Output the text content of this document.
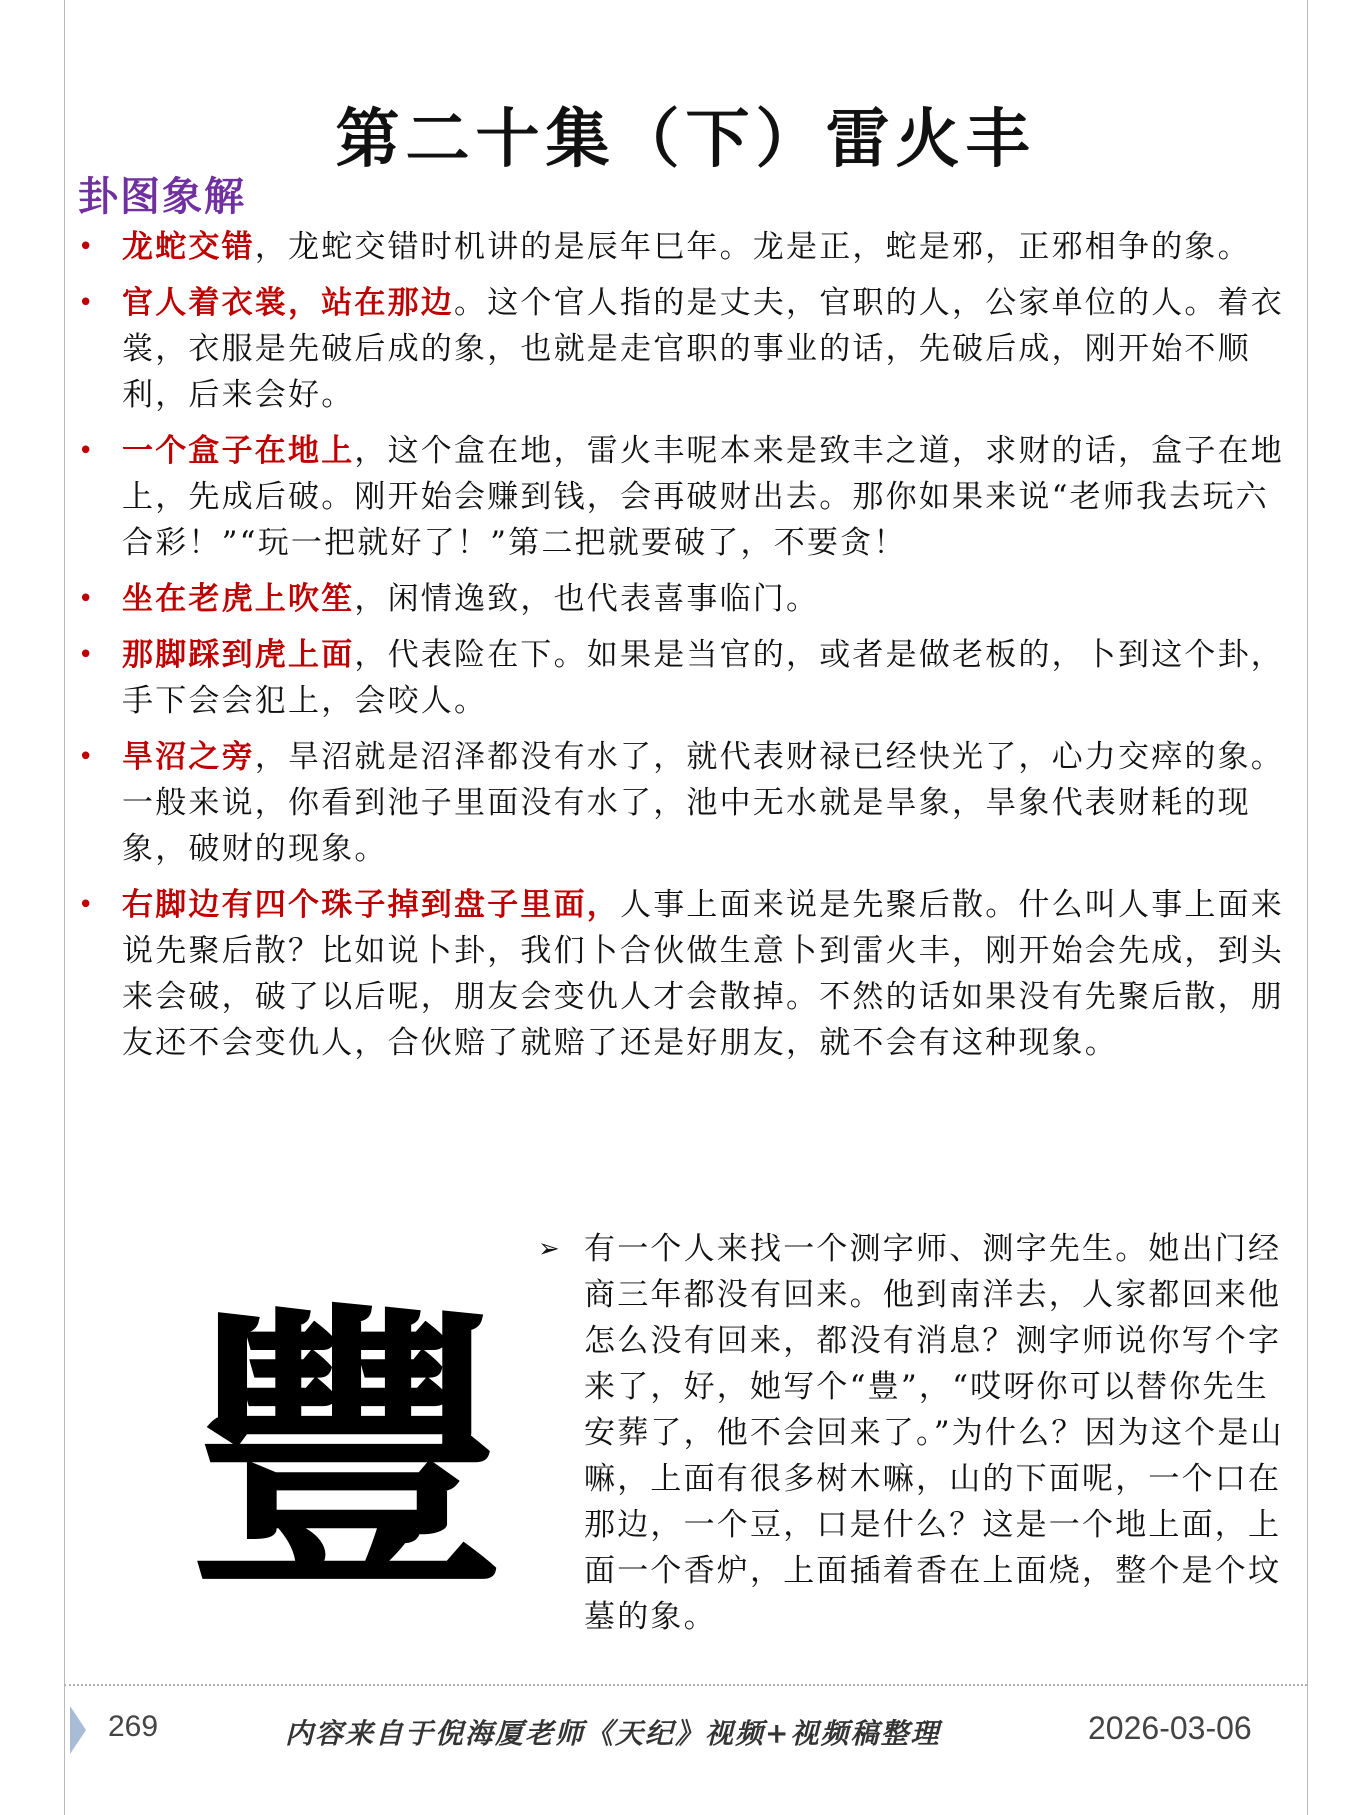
第二十集（下）雷火丰
卦图象解
• 龙蛇交错，龙蛇交错时机讲的是辰年巳年。龙是正，蛇是邪，正邪相争的象。
• 官人着衣裳，站在那边。这个官人指的是丈夫，官职的人，公家单位的人。着衣裳，衣服是先破后成的象，也就是走官职的事业的话，先破后成，刚开始不顺利，后来会好。
• 一个盒子在地上，这个盒在地，雷火丰呢本来是致丰之道，求财的话，盒子在地上，先成后破。刚开始会赚到钱，会再破财出去。那你如果来说“老师我去玩六合彩！”“玩一把就好了！”第二把就要破了，不要贪！
• 坐在老虎上吹笙，闲情逸致，也代表喜事临门。
• 那脚踩到虎上面，代表险在下。如果是当官的，或者是做老板的，卜到这个卦，手下会会犯上，会咬人。
• 旱沼之旁，旱沼就是沼泽都没有水了，就代表财禄已经快光了，心力交瘁的象。一般来说，你看到池子里面没有水了，池中无水就是旱象，旱象代表财耗的现象，破财的现象。
• 右脚边有四个珠子掉到盘子里面，人事上面来说是先聚后散。什么叫人事上面来说先聚后散？比如说卜卦，我们卜合伙做生意卜到雷火丰，刚开始会先成，到头来会破，破了以后呢，朋友会变仇人才会散掉。不然的话如果没有先聚后散，朋友还不会变仇人，合伙赔了就赔了还是好朋友，就不会有这种现象。
豐
➢ 有一个人来找一个测字师、测字先生。她出门经商三年都没有回来。他到南洋去，人家都回来他怎么没有回来，都没有消息？测字师说你写个字来了，好，她写个“豊”，“哎呀你可以替你先生安葬了，他不会回来了。”为什么？因为这个是山嘛，上面有很多树木嘛，山的下面呢，一个口在那边，一个豆，口是什么？这是一个地上面，上面一个香炉，上面插着香在上面烧，整个是个坟墓的象。

269	内容来自于倪海厦老师《天纪》视频+视频稿整理	2026-03-06
